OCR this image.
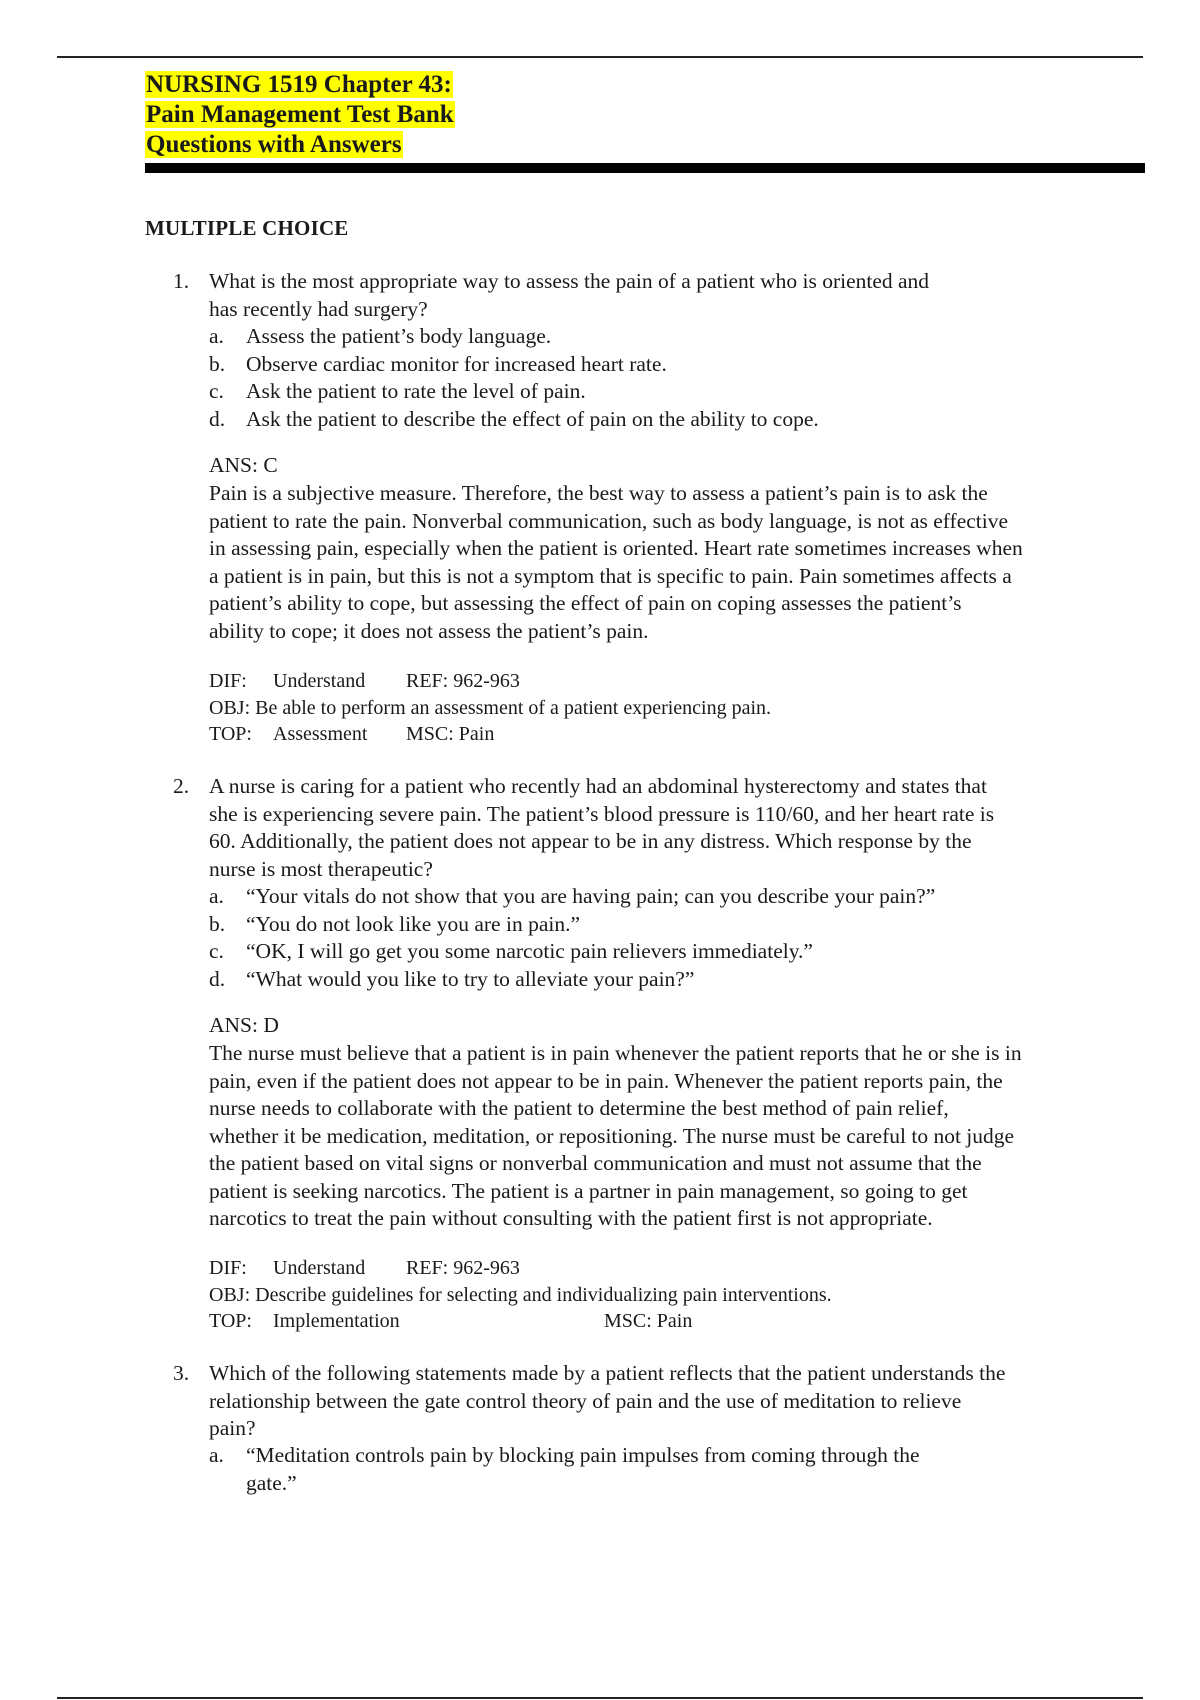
NURSING 1519 Chapter 43:
Pain Management Test Bank
Questions with Answers
MULTIPLE CHOICE
1. What is the most appropriate way to assess the pain of a patient who is oriented and
has recently had surgery?
a. Assess the patient’s body language.
b. Observe cardiac monitor for increased heart rate.
c. Ask the patient to rate the level of pain.
d. Ask the patient to describe the effect of pain on the ability to cope.
ANS: C
Pain is a subjective measure. Therefore, the best way to assess a patient’s pain is to ask the
patient to rate the pain. Nonverbal communication, such as body language, is not as effective
in assessing pain, especially when the patient is oriented. Heart rate sometimes increases when
a patient is in pain, but this is not a symptom that is specific to pain. Pain sometimes affects a
patient’s ability to cope, but assessing the effect of pain on coping assesses the patient’s
ability to cope; it does not assess the patient’s pain.
DIF: Understand REF: 962-963
OBJ: Be able to perform an assessment of a patient experiencing pain.
TOP: Assessment MSC: Pain
2. A nurse is caring for a patient who recently had an abdominal hysterectomy and states that
she is experiencing severe pain. The patient’s blood pressure is 110/60, and her heart rate is
60. Additionally, the patient does not appear to be in any distress. Which response by the
nurse is most therapeutic?
a. “Your vitals do not show that you are having pain; can you describe your pain?”
b. “You do not look like you are in pain.”
c. “OK, I will go get you some narcotic pain relievers immediately.”
d. “What would you like to try to alleviate your pain?”
ANS: D
The nurse must believe that a patient is in pain whenever the patient reports that he or she is in
pain, even if the patient does not appear to be in pain. Whenever the patient reports pain, the
nurse needs to collaborate with the patient to determine the best method of pain relief,
whether it be medication, meditation, or repositioning. The nurse must be careful to not judge
the patient based on vital signs or nonverbal communication and must not assume that the
patient is seeking narcotics. The patient is a partner in pain management, so going to get
narcotics to treat the pain without consulting with the patient first is not appropriate.
DIF: Understand REF: 962-963
OBJ: Describe guidelines for selecting and individualizing pain interventions.
TOP: Implementation	MSC: Pain
3. Which of the following statements made by a patient reflects that the patient understands the
relationship between the gate control theory of pain and the use of meditation to relieve
pain?
a. “Meditation controls pain by blocking pain impulses from coming through the
gate.”
